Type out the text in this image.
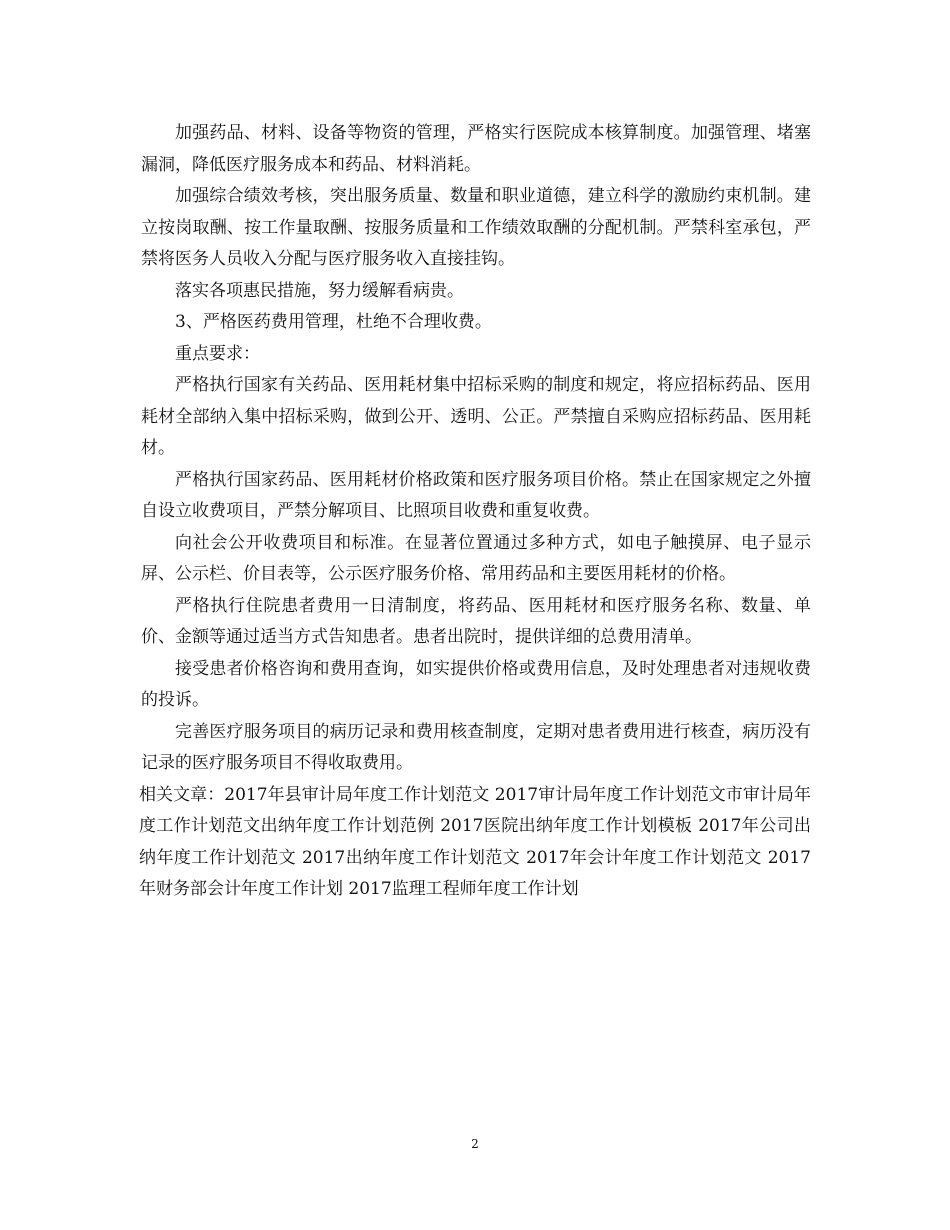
加强药品、材料、设备等物资的管理，严格实行医院成本核算制度。加强管理、堵塞漏洞，降低医疗服务成本和药品、材料消耗。

加强综合绩效考核，突出服务质量、数量和职业道德，建立科学的激励约束机制。建立按岗取酬、按工作量取酬、按服务质量和工作绩效取酬的分配机制。严禁科室承包，严禁将医务人员收入分配与医疗服务收入直接挂钩。

落实各项惠民措施，努力缓解看病贵。

3、严格医药费用管理，杜绝不合理收费。

重点要求：

严格执行国家有关药品、医用耗材集中招标采购的制度和规定，将应招标药品、医用耗材全部纳入集中招标采购，做到公开、透明、公正。严禁擅自采购应招标药品、医用耗材。

严格执行国家药品、医用耗材价格政策和医疗服务项目价格。禁止在国家规定之外擅自设立收费项目，严禁分解项目、比照项目收费和重复收费。

向社会公开收费项目和标准。在显著位置通过多种方式，如电子触摸屏、电子显示屏、公示栏、价目表等，公示医疗服务价格、常用药品和主要医用耗材的价格。

严格执行住院患者费用一日清制度，将药品、医用耗材和医疗服务名称、数量、单价、金额等通过适当方式告知患者。患者出院时，提供详细的总费用清单。

接受患者价格咨询和费用查询，如实提供价格或费用信息，及时处理患者对违规收费的投诉。

完善医疗服务项目的病历记录和费用核查制度，定期对患者费用进行核查，病历没有记录的医疗服务项目不得收取费用。

相关文章：2017年县审计局年度工作计划范文 2017审计局年度工作计划范文市审计局年度工作计划范文出纳年度工作计划范例 2017医院出纳年度工作计划模板 2017年公司出纳年度工作计划范文 2017出纳年度工作计划范文 2017年会计年度工作计划范文 2017年财务部会计年度工作计划 2017监理工程师年度工作计划

2
